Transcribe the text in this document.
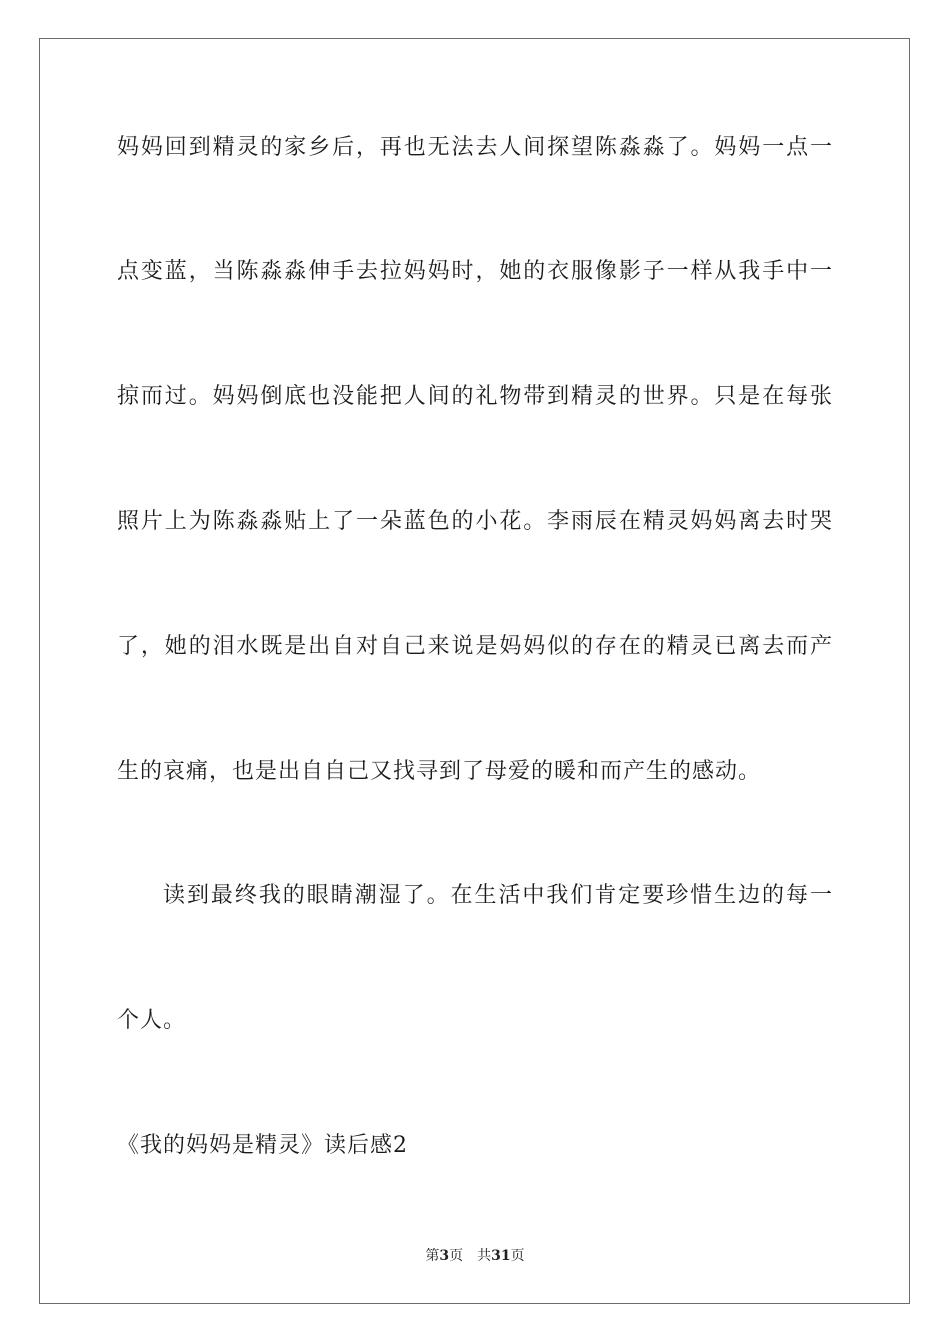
妈妈回到精灵的家乡后，再也无法去人间探望陈淼淼了。妈妈一点一
点变蓝，当陈淼淼伸手去拉妈妈时，她的衣服像影子一样从我手中一
掠而过。妈妈倒底也没能把人间的礼物带到精灵的世界。只是在每张
照片上为陈淼淼贴上了一朵蓝色的小花。李雨辰在精灵妈妈离去时哭
了，她的泪水既是出自对自己来说是妈妈似的存在的精灵已离去而产
生的哀痛，也是出自自己又找寻到了母爱的暖和而产生的感动。
读到最终我的眼睛潮湿了。在生活中我们肯定要珍惜生边的每一
个人。
《我的妈妈是精灵》读后感2
第3页 共31页
